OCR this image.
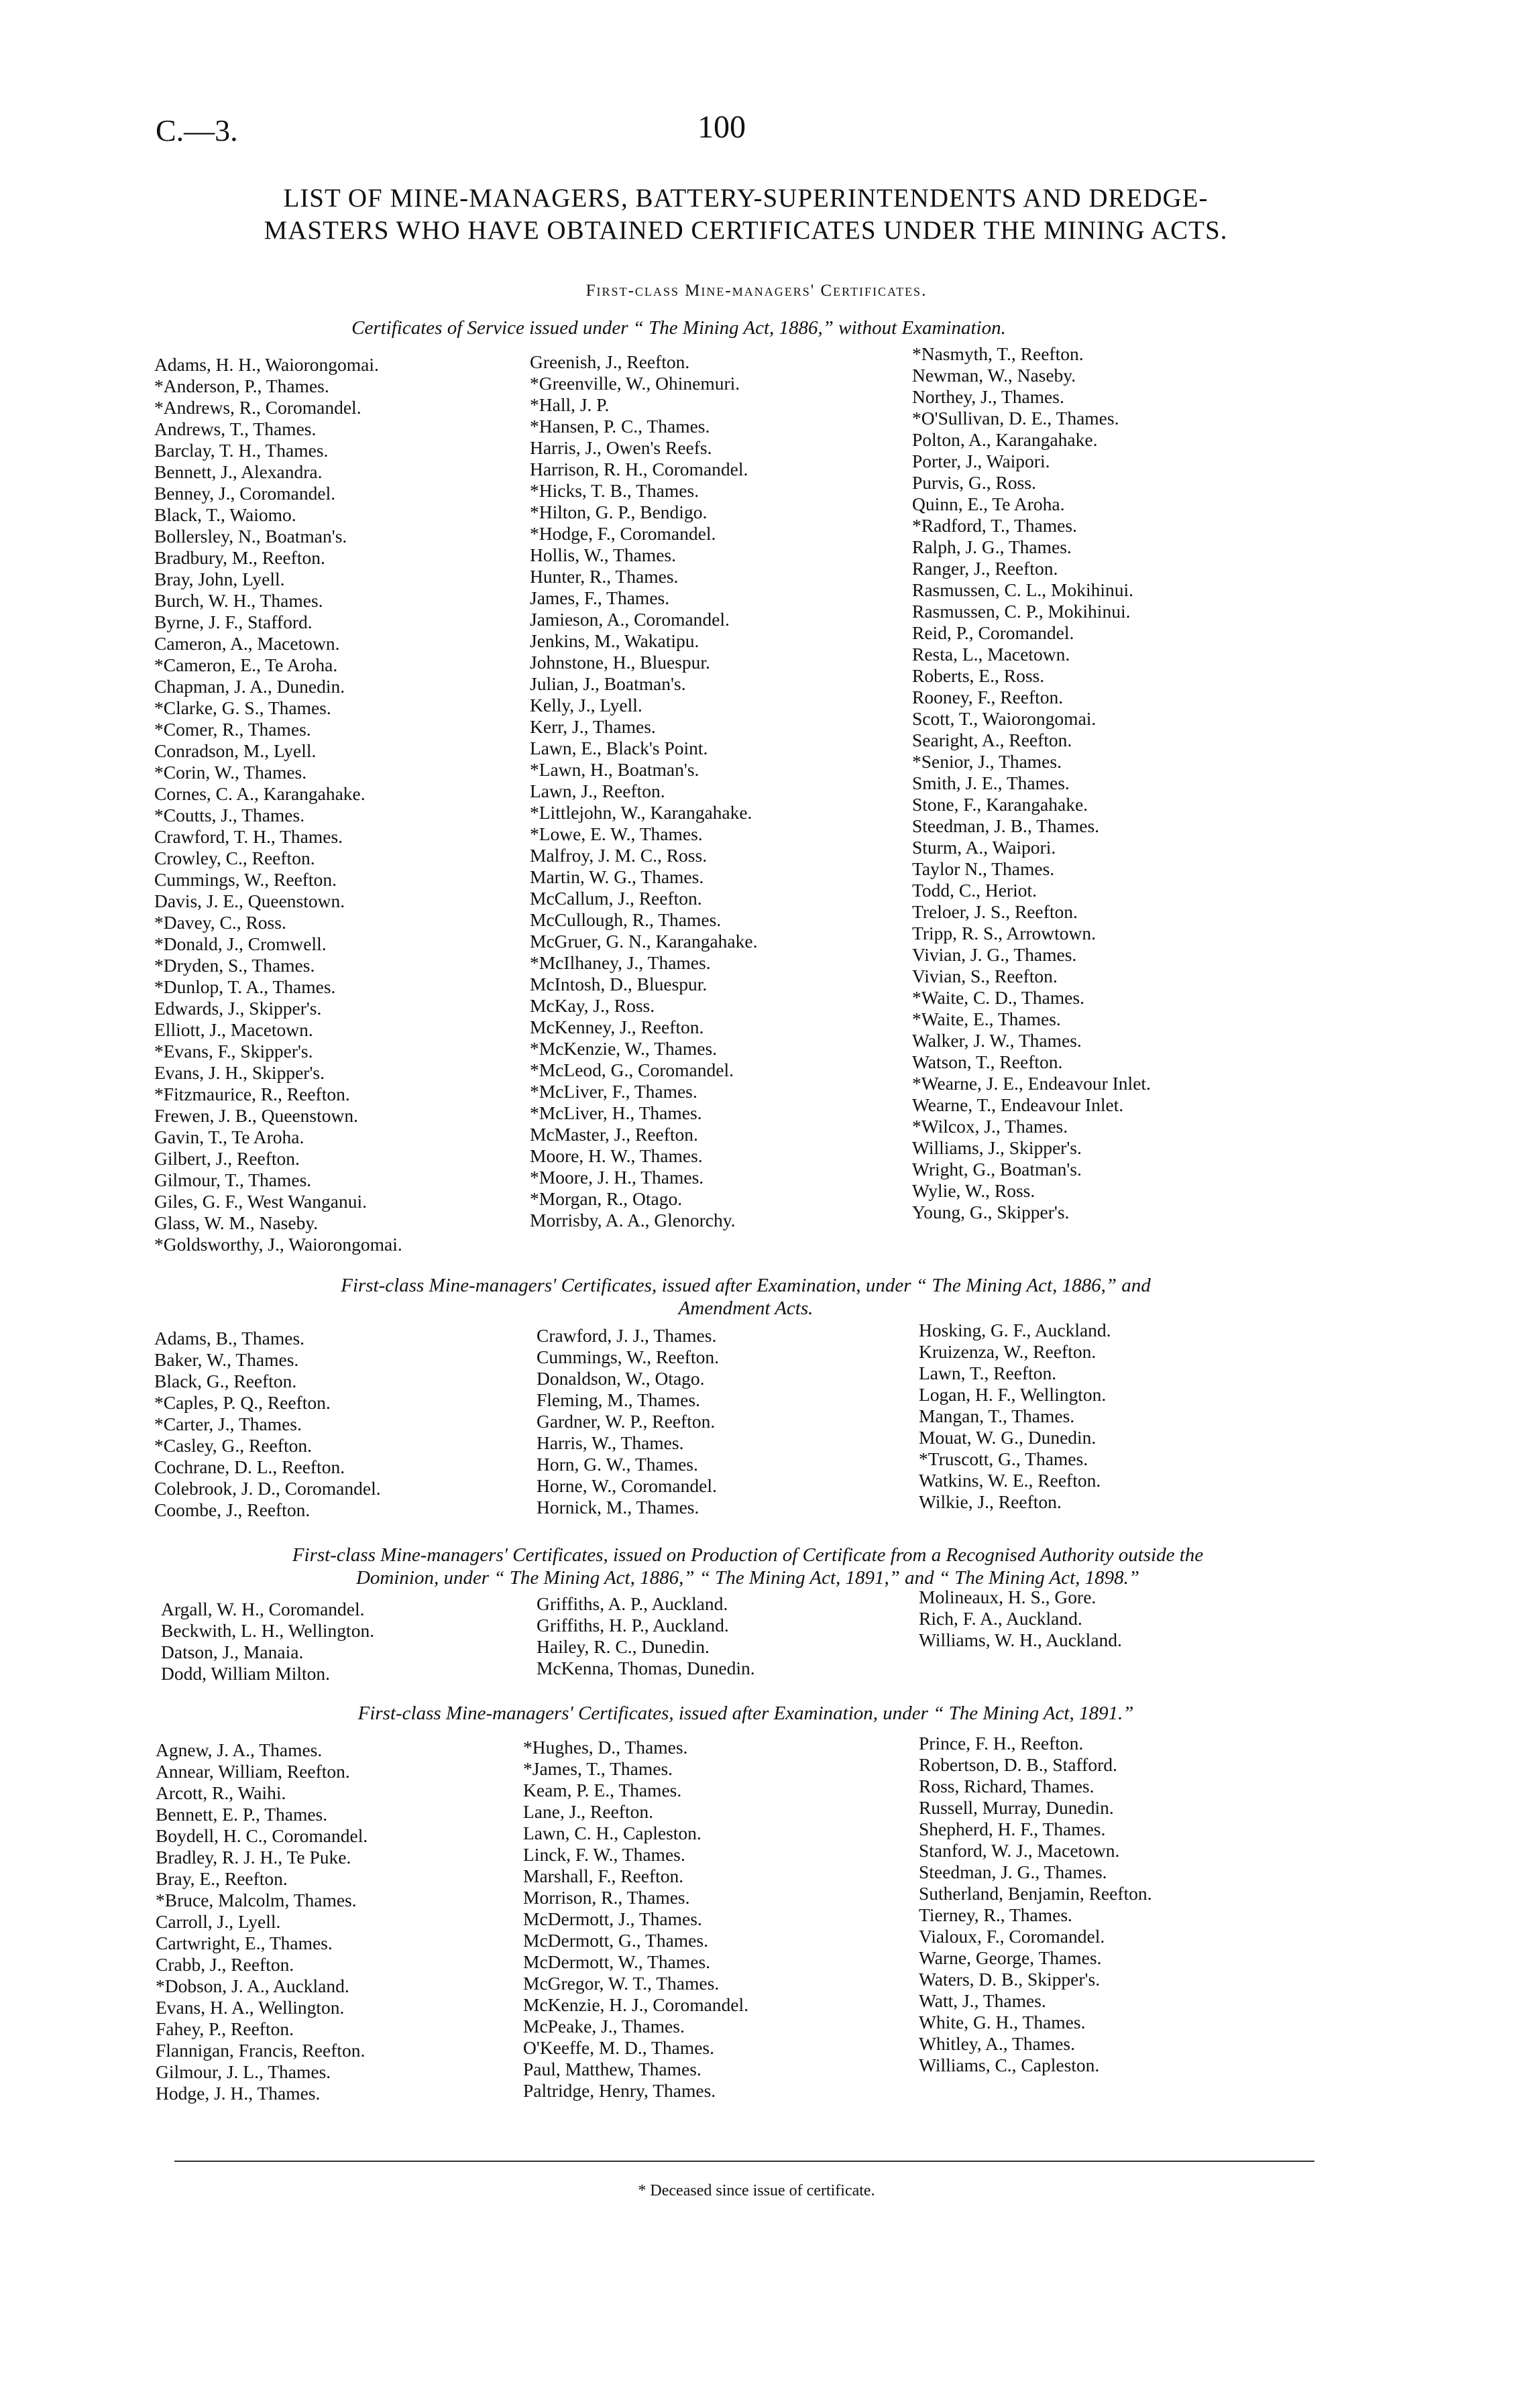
C.—3.	100
LIST OF MINE-MANAGERS, BATTERY-SUPERINTENDENTS AND DREDGE-
MASTERS WHO HAVE OBTAINED CERTIFICATES UNDER THE MINING ACTS.
First-class Mine-managers' Certificates.
Certificates of Service issued under “ The Mining Act, 1886,” without Examination.
Adams, H. H., Waiorongomai.
*Anderson, P., Thames.
*Andrews, R., Coromandel.
Andrews, T., Thames.
Barclay, T. H., Thames.
Bennett, J., Alexandra.
Benney, J., Coromandel.
Black, T., Waiomo.
Bollersley, N., Boatman's.
Bradbury, M., Reefton.
Bray, John, Lyell.
Burch, W. H., Thames.
Byrne, J. F., Stafford.
Cameron, A., Macetown.
*Cameron, E., Te Aroha.
Chapman, J. A., Dunedin.
*Clarke, G. S., Thames.
*Comer, R., Thames.
Conradson, M., Lyell.
*Corin, W., Thames.
Cornes, C. A., Karangahake.
*Coutts, J., Thames.
Crawford, T. H., Thames.
Crowley, C., Reefton.
Cummings, W., Reefton.
Davis, J. E., Queenstown.
*Davey, C., Ross.
*Donald, J., Cromwell.
*Dryden, S., Thames.
*Dunlop, T. A., Thames.
Edwards, J., Skipper's.
Elliott, J., Macetown.
*Evans, F., Skipper's.
Evans, J. H., Skipper's.
*Fitzmaurice, R., Reefton.
Frewen, J. B., Queenstown.
Gavin, T., Te Aroha.
Gilbert, J., Reefton.
Gilmour, T., Thames.
Giles, G. F., West Wanganui.
Glass, W. M., Naseby.
*Goldsworthy, J., Waiorongomai.
Greenish, J., Reefton.
*Greenville, W., Ohinemuri.
*Hall, J. P.
*Hansen, P. C., Thames.
Harris, J., Owen's Reefs.
Harrison, R. H., Coromandel.
*Hicks, T. B., Thames.
*Hilton, G. P., Bendigo.
*Hodge, F., Coromandel.
Hollis, W., Thames.
Hunter, R., Thames.
James, F., Thames.
Jamieson, A., Coromandel.
Jenkins, M., Wakatipu.
Johnstone, H., Bluespur.
Julian, J., Boatman's.
Kelly, J., Lyell.
Kerr, J., Thames.
Lawn, E., Black's Point.
*Lawn, H., Boatman's.
Lawn, J., Reefton.
*Littlejohn, W., Karangahake.
*Lowe, E. W., Thames.
Malfroy, J. M. C., Ross.
Martin, W. G., Thames.
McCallum, J., Reefton.
McCullough, R., Thames.
McGruer, G. N., Karangahake.
*McIlhaney, J., Thames.
McIntosh, D., Bluespur.
McKay, J., Ross.
McKenney, J., Reefton.
*McKenzie, W., Thames.
*McLeod, G., Coromandel.
*McLiver, F., Thames.
*McLiver, H., Thames.
McMaster, J., Reefton.
Moore, H. W., Thames.
*Moore, J. H., Thames.
*Morgan, R., Otago.
Morrisby, A. A., Glenorchy.
*Nasmyth, T., Reefton.
Newman, W., Naseby.
Northey, J., Thames.
*O'Sullivan, D. E., Thames.
Polton, A., Karangahake.
Porter, J., Waipori.
Purvis, G., Ross.
Quinn, E., Te Aroha.
*Radford, T., Thames.
Ralph, J. G., Thames.
Ranger, J., Reefton.
Rasmussen, C. L., Mokihinui.
Rasmussen, C. P., Mokihinui.
Reid, P., Coromandel.
Resta, L., Macetown.
Roberts, E., Ross.
Rooney, F., Reefton.
Scott, T., Waiorongomai.
Searight, A., Reefton.
*Senior, J., Thames.
Smith, J. E., Thames.
Stone, F., Karangahake.
Steedman, J. B., Thames.
Sturm, A., Waipori.
Taylor N., Thames.
Todd, C., Heriot.
Treloer, J. S., Reefton.
Tripp, R. S., Arrowtown.
Vivian, J. G., Thames.
Vivian, S., Reefton.
*Waite, C. D., Thames.
*Waite, E., Thames.
Walker, J. W., Thames.
Watson, T., Reefton.
*Wearne, J. E., Endeavour Inlet.
Wearne, T., Endeavour Inlet.
*Wilcox, J., Thames.
Williams, J., Skipper's.
Wright, G., Boatman's.
Wylie, W., Ross.
Young, G., Skipper's.
First-class Mine-managers' Certificates, issued after Examination, under “ The Mining Act, 1886,” and
Amendment Acts.
Adams, B., Thames.
Baker, W., Thames.
Black, G., Reefton.
*Caples, P. Q., Reefton.
*Carter, J., Thames.
*Casley, G., Reefton.
Cochrane, D. L., Reefton.
Colebrook, J. D., Coromandel.
Coombe, J., Reefton.
Crawford, J. J., Thames.
Cummings, W., Reefton.
Donaldson, W., Otago.
Fleming, M., Thames.
Gardner, W. P., Reefton.
Harris, W., Thames.
Horn, G. W., Thames.
Horne, W., Coromandel.
Hornick, M., Thames.
Hosking, G. F., Auckland.
Kruizenza, W., Reefton.
Lawn, T., Reefton.
Logan, H. F., Wellington.
Mangan, T., Thames.
Mouat, W. G., Dunedin.
*Truscott, G., Thames.
Watkins, W. E., Reefton.
Wilkie, J., Reefton.
First-class Mine-managers' Certificates, issued on Production of Certificate from a Recognised Authority outside the
Dominion, under “ The Mining Act, 1886,” “ The Mining Act, 1891,” and “ The Mining Act, 1898.”
Argall, W. H., Coromandel.
Beckwith, L. H., Wellington.
Datson, J., Manaia.
Dodd, William Milton.
Griffiths, A. P., Auckland.
Griffiths, H. P., Auckland.
Hailey, R. C., Dunedin.
McKenna, Thomas, Dunedin.
Molineaux, H. S., Gore.
Rich, F. A., Auckland.
Williams, W. H., Auckland.
First-class Mine-managers' Certificates, issued after Examination, under “ The Mining Act, 1891.”
Agnew, J. A., Thames.
Annear, William, Reefton.
Arcott, R., Waihi.
Bennett, E. P., Thames.
Boydell, H. C., Coromandel.
Bradley, R. J. H., Te Puke.
Bray, E., Reefton.
*Bruce, Malcolm, Thames.
Carroll, J., Lyell.
Cartwright, E., Thames.
Crabb, J., Reefton.
*Dobson, J. A., Auckland.
Evans, H. A., Wellington.
Fahey, P., Reefton.
Flannigan, Francis, Reefton.
Gilmour, J. L., Thames.
Hodge, J. H., Thames.
*Hughes, D., Thames.
*James, T., Thames.
Keam, P. E., Thames.
Lane, J., Reefton.
Lawn, C. H., Capleston.
Linck, F. W., Thames.
Marshall, F., Reefton.
Morrison, R., Thames.
McDermott, J., Thames.
McDermott, G., Thames.
McDermott, W., Thames.
McGregor, W. T., Thames.
McKenzie, H. J., Coromandel.
McPeake, J., Thames.
O'Keeffe, M. D., Thames.
Paul, Matthew, Thames.
Paltridge, Henry, Thames.
Prince, F. H., Reefton.
Robertson, D. B., Stafford.
Ross, Richard, Thames.
Russell, Murray, Dunedin.
Shepherd, H. F., Thames.
Stanford, W. J., Macetown.
Steedman, J. G., Thames.
Sutherland, Benjamin, Reefton.
Tierney, R., Thames.
Vialoux, F., Coromandel.
Warne, George, Thames.
Waters, D. B., Skipper's.
Watt, J., Thames.
White, G. H., Thames.
Whitley, A., Thames.
Williams, C., Capleston.
* Deceased since issue of certificate.
